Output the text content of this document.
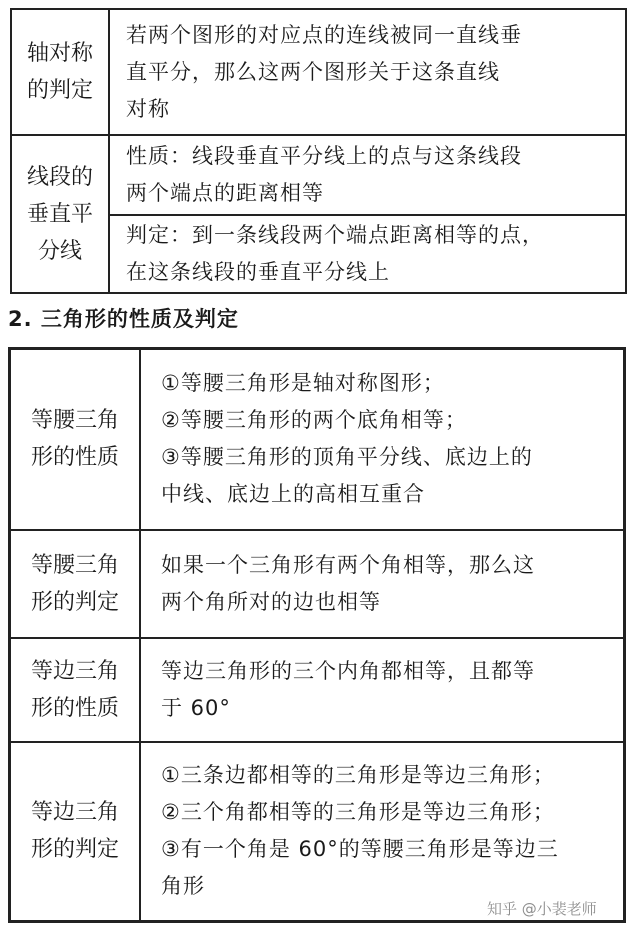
轴对称
的判定	若两个图形的对应点的连线被同一直线垂
直平分，那么这两个图形关于这条直线
对称

线段的
垂直平
分线	性质：线段垂直平分线上的点与这条线段
两个端点的距离相等

	判定：到一条线段两个端点距离相等的点，
在这条线段的垂直平分线上
2. 三角形的性质及判定
等腰三角
形的性质	①等腰三角形是轴对称图形；
②等腰三角形的两个底角相等；
③等腰三角形的顶角平分线、底边上的
中线、底边上的高相互重合

等腰三角
形的判定	如果一个三角形有两个角相等，那么这
两个角所对的边也相等

等边三角
形的性质	等边三角形的三个内角都相等，且都等
于 60°

等边三角
形的判定	①三条边都相等的三角形是等边三角形；
②三个角都相等的三角形是等边三角形；
③有一个角是 60°的等腰三角形是等边三
角形
知乎 @小裴老师
